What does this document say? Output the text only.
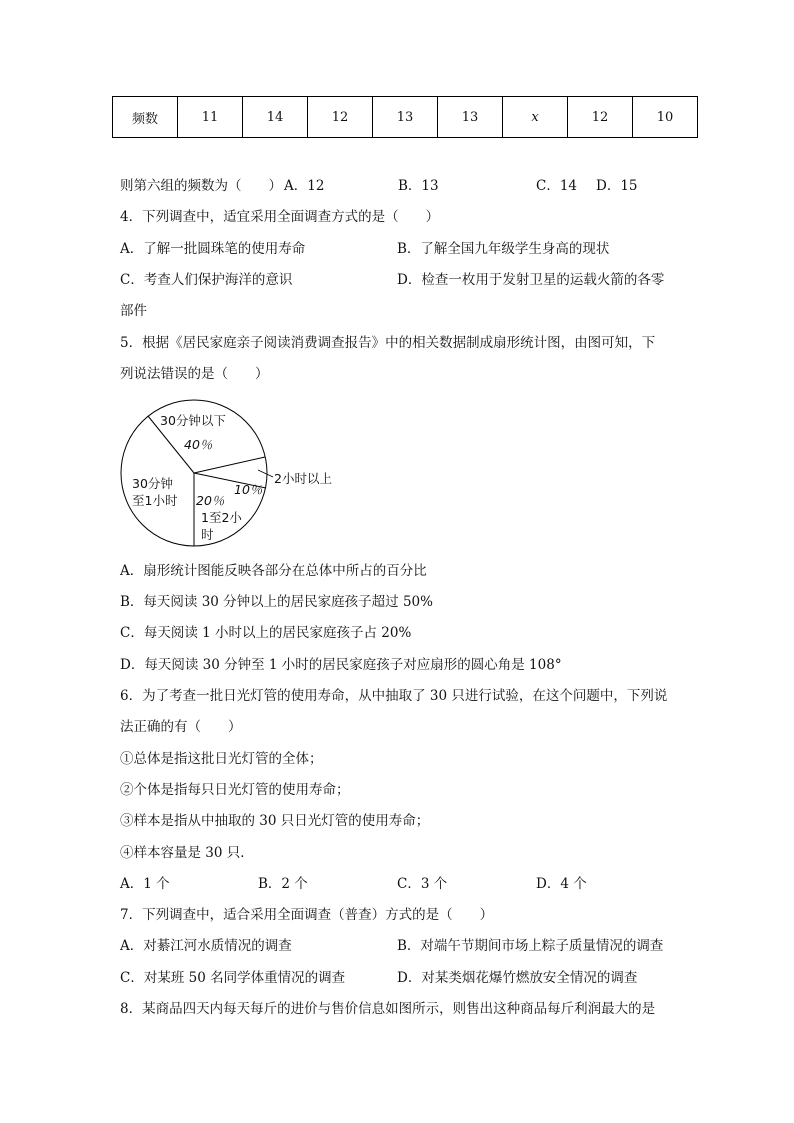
频数	11	14	12	13	13	x	12	10
则第六组的频数为（　　） A．12	B．13	C．14 D．15
4．下列调查中，适宜采用全面调查方式的是（　　）
A．了解一批圆珠笔的使用寿命	B．了解全国九年级学生身高的现状
C．考查人们保护海洋的意识	D．检查一枚用于发射卫星的运载火箭的各零
部件
5．根据《居民家庭亲子阅读消费调查报告》中的相关数据制成扇形统计图，由图可知，下
列说法错误的是（　　）
30分钟以下
40％
30分钟
至1小时 20％
1至2小
时
10％
2小时以上
A．扇形统计图能反映各部分在总体中所占的百分比
B．每天阅读 30 分钟以上的居民家庭孩子超过 50%
C．每天阅读 1 小时以上的居民家庭孩子占 20%
D．每天阅读 30 分钟至 1 小时的居民家庭孩子对应扇形的圆心角是 108°
6．为了考查一批日光灯管的使用寿命，从中抽取了 30 只进行试验，在这个问题中，下列说
法正确的有（　　）
①总体是指这批日光灯管的全体；
②个体是指每只日光灯管的使用寿命；
③样本是指从中抽取的 30 只日光灯管的使用寿命；
④样本容量是 30 只．
A．1 个	B．2 个	C．3 个	D．4 个
7．下列调查中，适合采用全面调查（普查）方式的是（　　）
A．对綦江河水质情况的调查	B．对端午节期间市场上粽子质量情况的调查
C．对某班 50 名同学体重情况的调查	D．对某类烟花爆竹燃放安全情况的调查
8．某商品四天内每天每斤的进价与售价信息如图所示，则售出这种商品每斤利润最大的是
